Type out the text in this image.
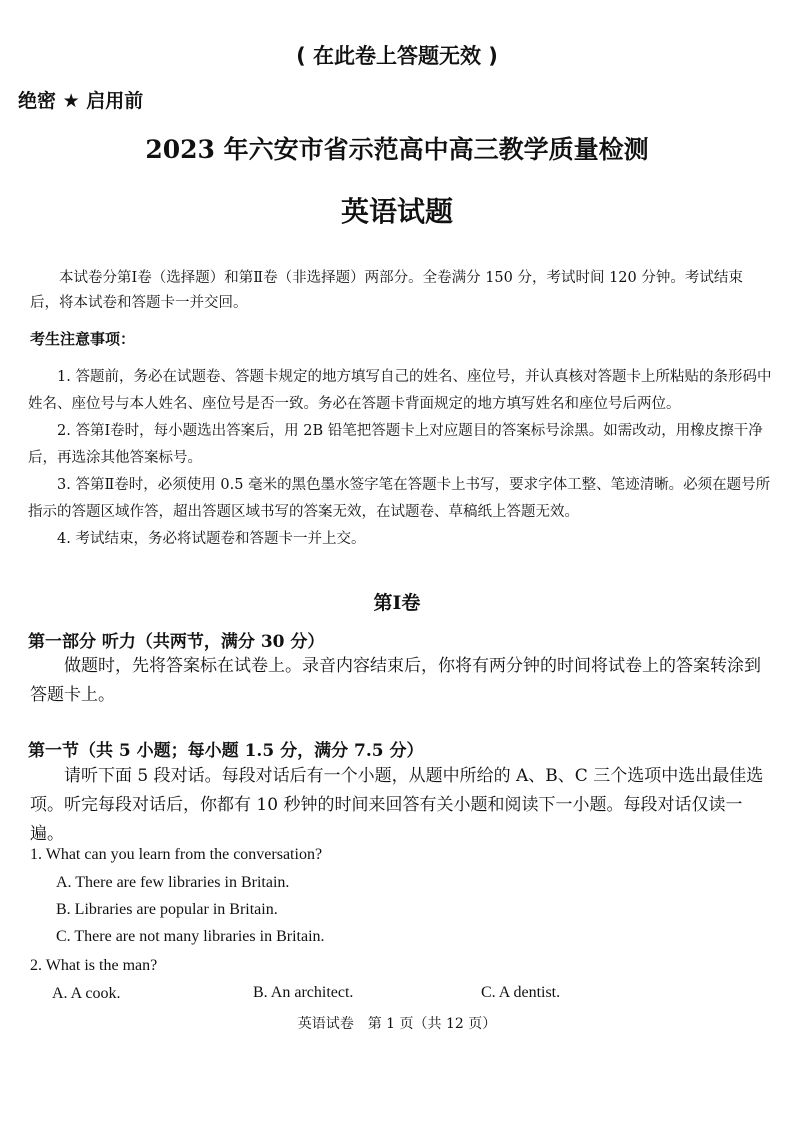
( 在此卷上答题无效 )
绝密 ★ 启用前
2023 年六安市省示范高中高三教学质量检测
英语试题
本试卷分第Ⅰ卷（选择题）和第Ⅱ卷（非选择题）两部分。全卷满分 150 分，考试时间 120 分钟。考试结束后，将本试卷和答题卡一并交回。
考生注意事项：

1. 答题前，务必在试题卷、答题卡规定的地方填写自己的姓名、座位号，并认真核对答题卡上所粘贴的条形码中姓名、座位号与本人姓名、座位号是否一致。务必在答题卡背面规定的地方填写姓名和座位号后两位。

2. 答第Ⅰ卷时，每小题选出答案后，用 2B 铅笔把答题卡上对应题目的答案标号涂黑。如需改动，用橡皮擦干净后，再选涂其他答案标号。

3. 答第Ⅱ卷时，必须使用 0.5 毫米的黑色墨水签字笔在答题卡上书写，要求字体工整、笔迹清晰。必须在题号所指示的答题区域作答，超出答题区域书写的答案无效，在试题卷、草稿纸上答题无效。

4. 考试结束，务必将试题卷和答题卡一并上交。

第Ⅰ卷
第一部分 听力（共两节，满分 30 分）
做题时，先将答案标在试卷上。录音内容结束后，你将有两分钟的时间将试卷上的答案转涂到答题卡上。
第一节（共 5 小题；每小题 1.5 分，满分 7.5 分）
请听下面 5 段对话。每段对话后有一个小题，从题中所给的 A、B、C 三个选项中选出最佳选项。听完每段对话后，你都有 10 秒钟的时间来回答有关小题和阅读下一小题。每段对话仅读一遍。
1. What can you learn from the conversation?
A. There are few libraries in Britain.
B. Libraries are popular in Britain.
C. There are not many libraries in Britain.
2. What is the man?
A. A cook.	B. An architect.	C. A dentist.
英语试卷　第 1 页（共 12 页）
